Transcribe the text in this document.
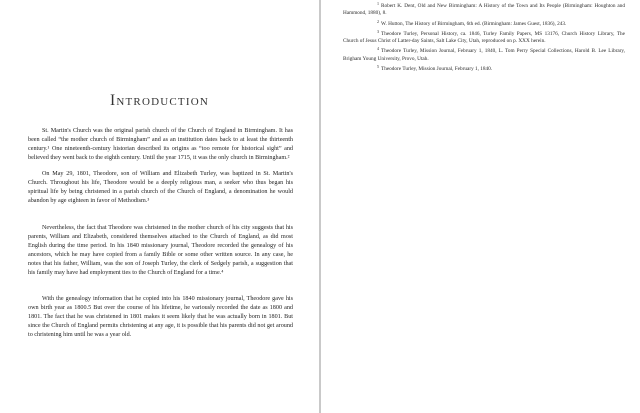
Introduction

St. Martin's Church was the original parish church of the Church of England in Birmingham. It has been called “the mother church of Birmingham” and as an institution dates back to at least the thirteenth century.¹ One nineteenth-century historian described its origins as “too remote for historical sight” and believed they went back to the eighth century. Until the year 1715, it was the only church in Birmingham.²

On May 29, 1801, Theodore, son of William and Elizabeth Turley, was baptized in St. Martin's Church. Throughout his life, Theodore would be a deeply religious man, a seeker who thus began his spiritual life by being christened in a parish church of the Church of England, a denomination he would abandon by age eighteen in favor of Methodism.³

Nevertheless, the fact that Theodore was christened in the mother church of his city suggests that his parents, William and Elizabeth, considered themselves attached to the Church of England, as did most English during the time period. In his 1840 missionary journal, Theodore recorded the genealogy of his ancestors, which he may have copied from a family Bible or some other written source. In any case, he notes that his father, William, was the son of Joseph Turley, the clerk of Sedgely parish, a suggestion that his family may have had employment ties to the Church of England for a time.⁴

With the genealogy information that he copied into his 1840 missionary journal, Theodore gave his own birth year as 1800.5 But over the course of his lifetime, he variously recorded the date as 1800 and 1801. The fact that he was christened in 1801 makes it seem likely that he was actually born in 1801. But since the Church of England permits christening at any age, it is possible that his parents did not get around to christening him until he was a year old.

$^1$ Robert K. Dent, Old and New Birmingham: A History of the Town and Its People (Birmingham: Houghton and Hammond, 1880), 8.

$^2$ W. Hutton, The History of Birmingham, 6th ed. (Birmingham: James Guest, 1836), 243.

$^3$ Theodore Turley, Personal History, ca. 1846, Turley Family Papers, MS 13176, Church History Library, The Church of Jesus Christ of Latter-day Saints, Salt Lake City, Utah, reproduced on p. XXX herein.

$^4$ Theodore Turley, Mission Journal, February 1, 1840, L. Tom Perry Special Collections, Harold B. Lee Library, Brigham Young University, Provo, Utah.

$^5$ Theodore Turley, Mission Journal, February 1, 1840.
